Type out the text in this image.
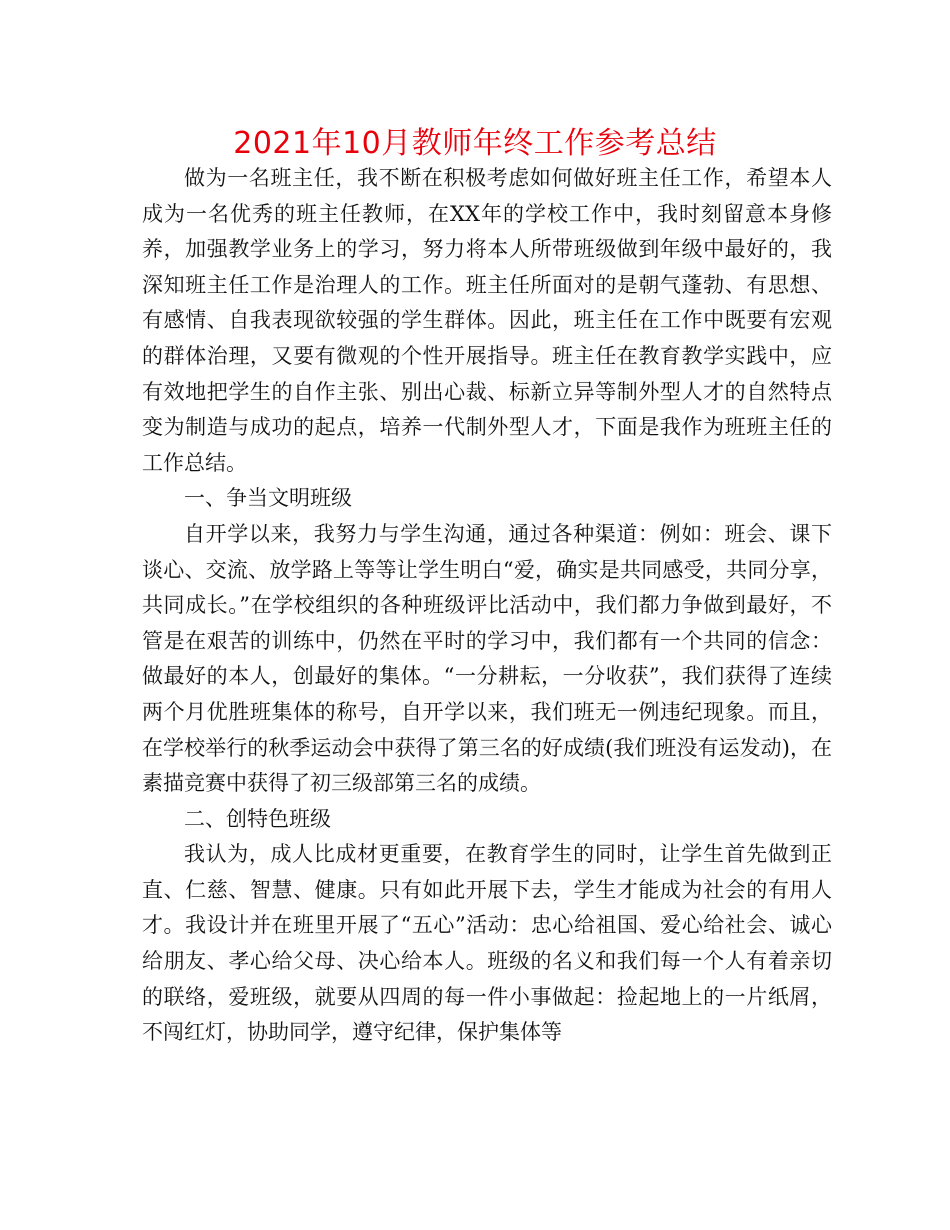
2021年10月教师年终工作参考总结

做为一名班主任，我不断在积极考虑如何做好班主任工作，希望本人成为一名优秀的班主任教师，在XX年的学校工作中，我时刻留意本身修养，加强教学业务上的学习，努力将本人所带班级做到年级中最好的，我深知班主任工作是治理人的工作。班主任所面对的是朝气蓬勃、有思想、有感情、自我表现欲较强的学生群体。因此，班主任在工作中既要有宏观的群体治理，又要有微观的个性开展指导。班主任在教育教学实践中，应有效地把学生的自作主张、别出心裁、标新立异等制外型人才的自然特点变为制造与成功的起点，培养一代制外型人才，下面是我作为班班主任的工作总结。

一、争当文明班级

自开学以来，我努力与学生沟通，通过各种渠道：例如：班会、课下谈心、交流、放学路上等等让学生明白“爱，确实是共同感受，共同分享，共同成长。”在学校组织的各种班级评比活动中，我们都力争做到最好，不管是在艰苦的训练中，仍然在平时的学习中，我们都有一个共同的信念：做最好的本人，创最好的集体。“一分耕耘，一分收获”，我们获得了连续两个月优胜班集体的称号，自开学以来，我们班无一例违纪现象。而且，在学校举行的秋季运动会中获得了第三名的好成绩(我们班没有运发动)，在素描竞赛中获得了初三级部第三名的成绩。

二、创特色班级

我认为，成人比成材更重要，在教育学生的同时，让学生首先做到正直、仁慈、智慧、健康。只有如此开展下去，学生才能成为社会的有用人才。我设计并在班里开展了“五心”活动：忠心给祖国、爱心给社会、诚心给朋友、孝心给父母、决心给本人。班级的名义和我们每一个人有着亲切的联络，爱班级，就要从四周的每一件小事做起：捡起地上的一片纸屑，不闯红灯，协助同学，遵守纪律，保护集体等
